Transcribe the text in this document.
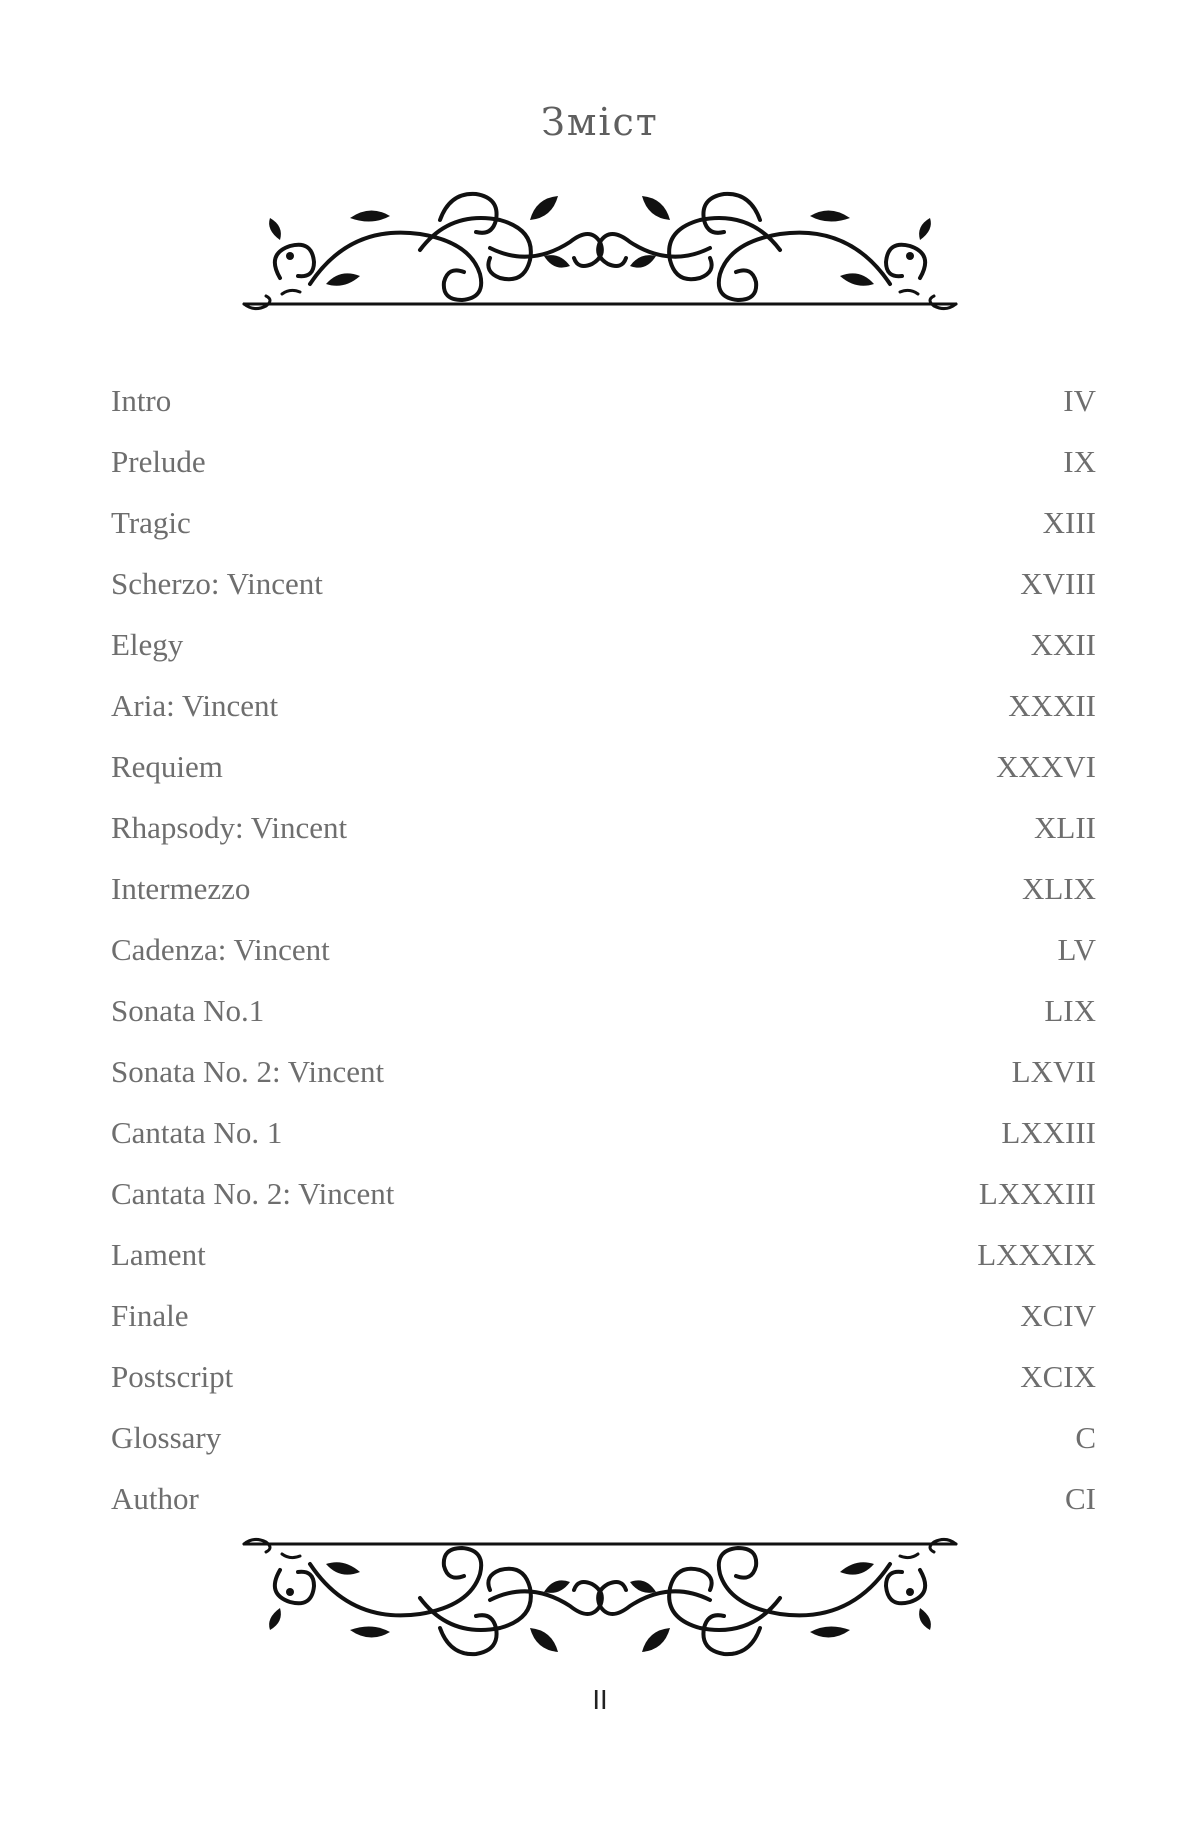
Зміст
Intro	IV
Prelude	IX
Tragic	XIII
Scherzo: Vincent	XVIII
Elegy	XXII
Aria: Vincent	XXXII
Requiem	XXXVI
Rhapsody: Vincent	XLII
Intermezzo	XLIX
Cadenza: Vincent	LV
Sonata No.1	LIX
Sonata No. 2: Vincent	LXVII
Cantata No. 1	LXXIII
Cantata No. 2: Vincent	LXXXIII
Lament	LXXXIX
Finale	XCIV
Postscript	XCIX
Glossary	C
Author	CI
II
